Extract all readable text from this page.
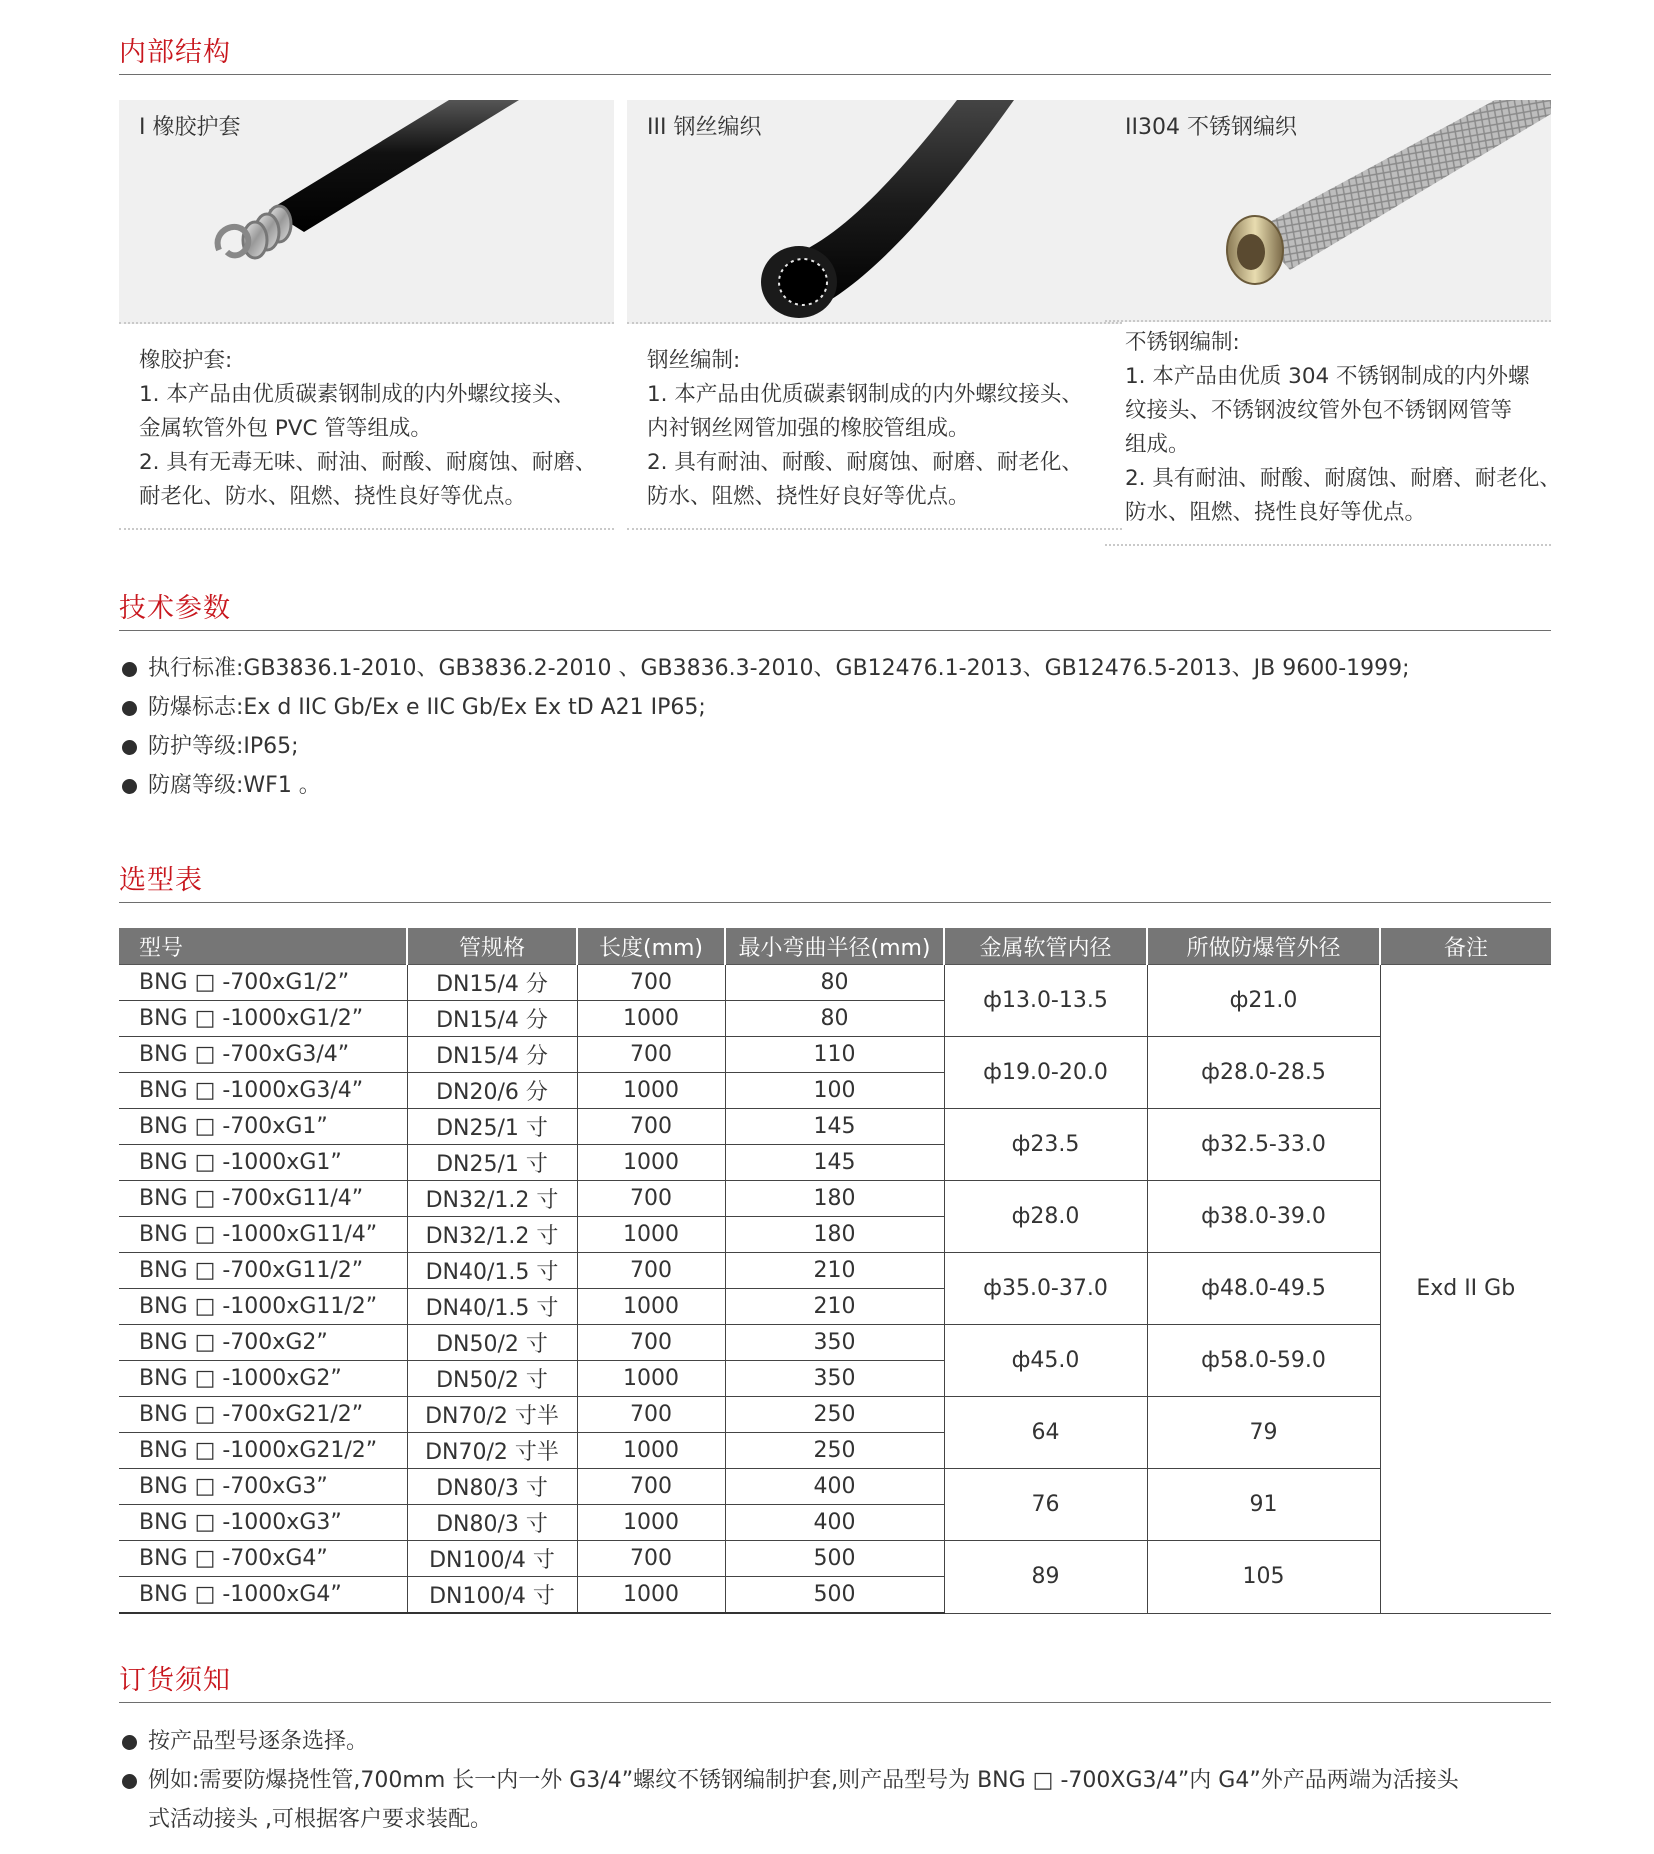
内部结构
I 橡胶护套
橡胶护套:
1. 本产品由优质碳素钢制成的内外螺纹接头、
金属软管外包 PVC 管等组成。
2. 具有无毒无味、耐油、耐酸、耐腐蚀、耐磨、
耐老化、防水、阻燃、挠性良好等优点。
III 钢丝编织
钢丝编制:
1. 本产品由优质碳素钢制成的内外螺纹接头、
内衬钢丝网管加强的橡胶管组成。
2. 具有耐油、耐酸、耐腐蚀、耐磨、耐老化、
防水、阻燃、挠性好良好等优点。
II304 不锈钢编织
不锈钢编制:
1. 本产品由优质 304 不锈钢制成的内外螺
纹接头、不锈钢波纹管外包不锈钢网管等
组成。
2. 具有耐油、耐酸、耐腐蚀、耐磨、耐老化、
防水、阻燃、挠性良好等优点。
技术参数
执行标准:GB3836.1-2010、GB3836.2-2010 、GB3836.3-2010、GB12476.1-2013、GB12476.5-2013、JB 9600-1999;
防爆标志:Ex d IIC Gb/Ex e IIC Gb/Ex Ex tD A21 IP65;
防护等级:IP65;
防腐等级:WF1 。
选型表
型号	管规格	长度(mm)	最小弯曲半径(mm)	金属软管内径	所做防爆管外径	备注
BNG □ -700xG1/2”	DN15/4 分	700	80	ф13.0-13.5	ф21.0	Exd II Gb
BNG □ -1000xG1/2”	DN15/4 分	1000	80			
BNG □ -700xG3/4”	DN15/4 分	700	110	ф19.0-20.0	ф28.0-28.5	
BNG □ -1000xG3/4”	DN20/6 分	1000	100			
BNG □ -700xG1”	DN25/1 寸	700	145	ф23.5	ф32.5-33.0	
BNG □ -1000xG1”	DN25/1 寸	1000	145			
BNG □ -700xG11/4”	DN32/1.2 寸	700	180	ф28.0	ф38.0-39.0	
BNG □ -1000xG11/4”	DN32/1.2 寸	1000	180			
BNG □ -700xG11/2”	DN40/1.5 寸	700	210	ф35.0-37.0	ф48.0-49.5	
BNG □ -1000xG11/2”	DN40/1.5 寸	1000	210			
BNG □ -700xG2”	DN50/2 寸	700	350	ф45.0	ф58.0-59.0	
BNG □ -1000xG2”	DN50/2 寸	1000	350			
BNG □ -700xG21/2”	DN70/2 寸半	700	250	64	79	
BNG □ -1000xG21/2”	DN70/2 寸半	1000	250			
BNG □ -700xG3”	DN80/3 寸	700	400	76	91	
BNG □ -1000xG3”	DN80/3 寸	1000	400			
BNG □ -700xG4”	DN100/4 寸	700	500	89	105	
BNG □ -1000xG4”	DN100/4 寸	1000	500			
订货须知
按产品型号逐条选择。
例如:需要防爆挠性管,700mm 长一内一外 G3/4”螺纹不锈钢编制护套,则产品型号为 BNG □ -700XG3/4”内 G4”外产品两端为活接头
式活动接头 ,可根据客户要求装配。
